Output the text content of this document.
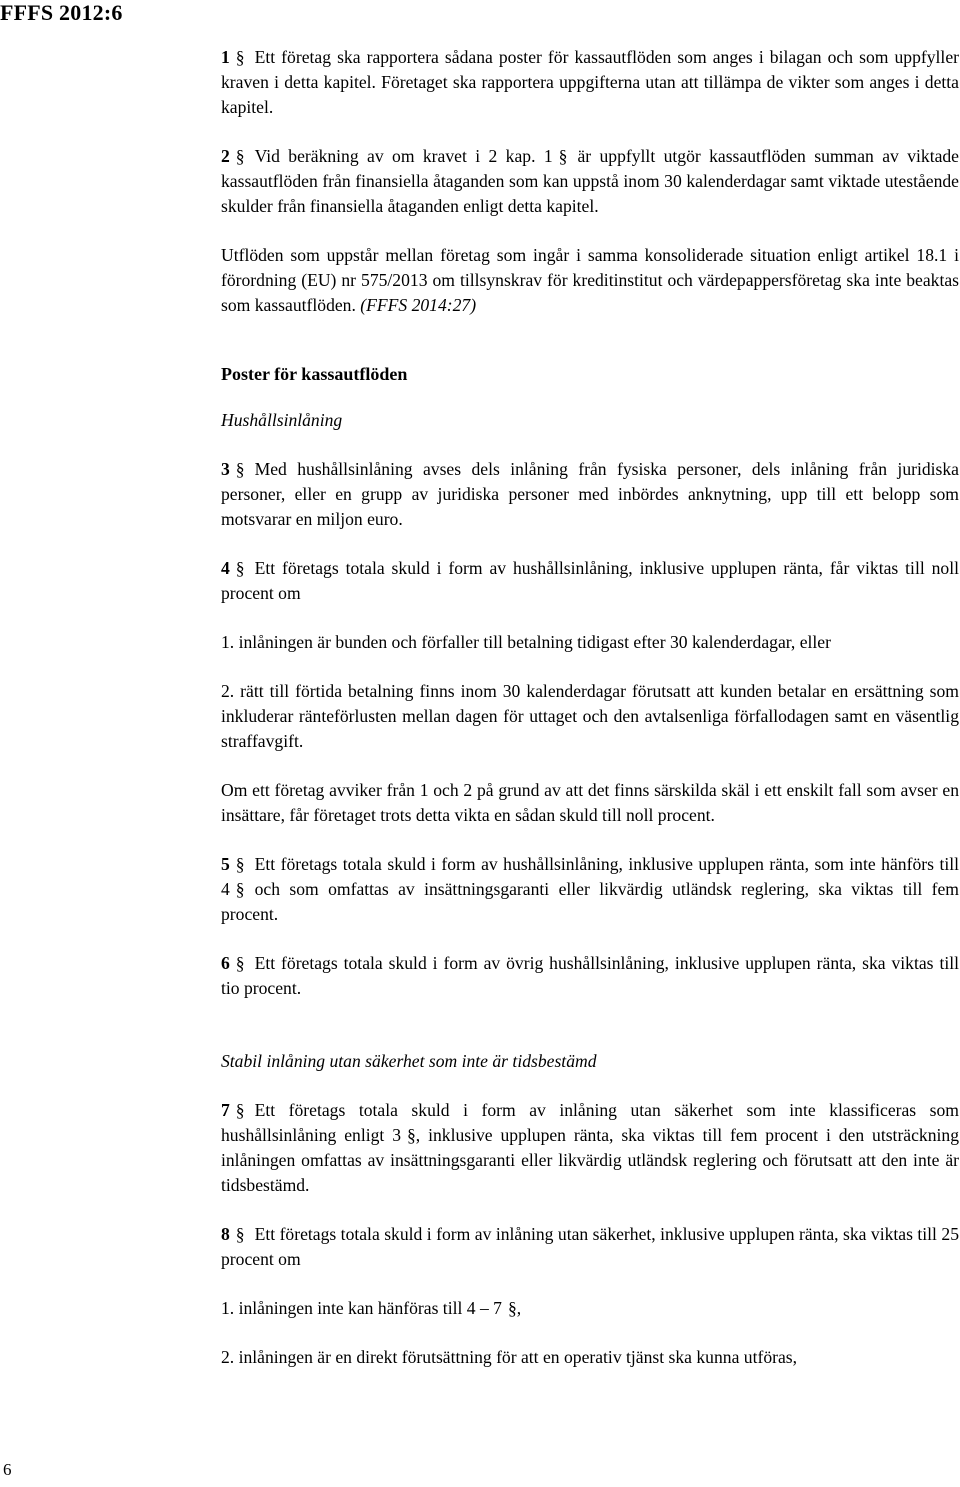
FFFS 2012:6

1 § Ett företag ska rapportera sådana poster för kassautflöden som anges i bilagan och som uppfyller kraven i detta kapitel. Företaget ska rapportera uppgifterna utan att tillämpa de vikter som anges i detta kapitel.

2 § Vid beräkning av om kravet i 2 kap. 1 § är uppfyllt utgör kassautflöden summan av viktade kassautflöden från finansiella åtaganden som kan uppstå inom 30 kalenderdagar samt viktade utestående skulder från finansiella åtaganden enligt detta kapitel.

Utflöden som uppstår mellan företag som ingår i samma konsoliderade situation enligt artikel 18.1 i förordning (EU) nr 575/2013 om tillsynskrav för kreditinstitut och värdepappersföretag ska inte beaktas som kassautflöden. (FFFS 2014:27)

Poster för kassautflöden
Hushållsinlåning

3 § Med hushållsinlåning avses dels inlåning från fysiska personer, dels inlåning från juridiska personer, eller en grupp av juridiska personer med inbördes anknytning, upp till ett belopp som motsvarar en miljon euro.

4 § Ett företags totala skuld i form av hushållsinlåning, inklusive upplupen ränta, får viktas till noll procent om

1. inlåningen är bunden och förfaller till betalning tidigast efter 30 kalenderdagar, eller

2. rätt till förtida betalning finns inom 30 kalenderdagar förutsatt att kunden betalar en ersättning som inkluderar ränteförlusten mellan dagen för uttaget och den avtalsenliga förfallodagen samt en väsentlig straffavgift.

Om ett företag avviker från 1 och 2 på grund av att det finns särskilda skäl i ett enskilt fall som avser en insättare, får företaget trots detta vikta en sådan skuld till noll procent.

5 § Ett företags totala skuld i form av hushållsinlåning, inklusive upplupen ränta, som inte hänförs till 4 § och som omfattas av insättningsgaranti eller likvärdig utländsk reglering, ska viktas till fem procent.

6 § Ett företags totala skuld i form av övrig hushållsinlåning, inklusive upplupen ränta, ska viktas till tio procent.

Stabil inlåning utan säkerhet som inte är tidsbestämd

7 § Ett företags totala skuld i form av inlåning utan säkerhet som inte klassificeras som hushållsinlåning enligt 3 §, inklusive upplupen ränta, ska viktas till fem procent i den utsträckning inlåningen omfattas av insättningsgaranti eller likvärdig utländsk reglering och förutsatt att den inte är tidsbestämd.

8 § Ett företags totala skuld i form av inlåning utan säkerhet, inklusive upplupen ränta, ska viktas till 25 procent om

1. inlåningen inte kan hänföras till 4 – 7 §,

2. inlåningen är en direkt förutsättning för att en operativ tjänst ska kunna utföras,

6
